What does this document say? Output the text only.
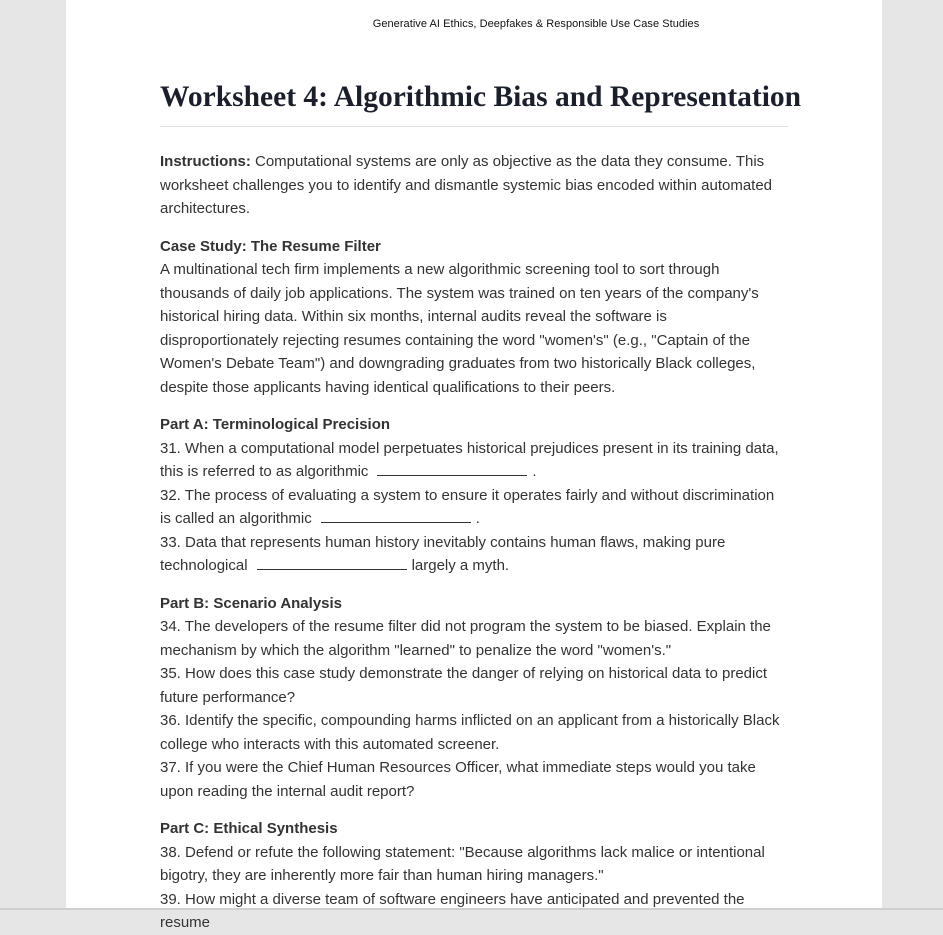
Generative AI Ethics, Deepfakes & Responsible Use Case Studies
Worksheet 4: Algorithmic Bias and Representation

Instructions: Computational systems are only as objective as the data they consume. This worksheet challenges you to identify and dismantle systemic bias encoded within automated architectures.

Case Study: The Resume Filter

A multinational tech firm implements a new algorithmic screening tool to sort through thousands of daily job applications. The system was trained on ten years of the company's historical hiring data. Within six months, internal audits reveal the software is disproportionately rejecting resumes containing the word "women's" (e.g., "Captain of the Women's Debate Team") and downgrading graduates from two historically Black colleges, despite those applicants having identical qualifications to their peers.

Part A: Terminological Precision

31. When a computational model perpetuates historical prejudices present in its training data, this is referred to as algorithmic	.

32. The process of evaluating a system to ensure it operates fairly and without discrimination is called an algorithmic	.

33. Data that represents human history inevitably contains human flaws, making pure technological	largely a myth.

Part B: Scenario Analysis

34. The developers of the resume filter did not program the system to be biased. Explain the mechanism by which the algorithm "learned" to penalize the word "women's."

35. How does this case study demonstrate the danger of relying on historical data to predict future performance?

36. Identify the specific, compounding harms inflicted on an applicant from a historically Black college who interacts with this automated screener.

37. If you were the Chief Human Resources Officer, what immediate steps would you take upon reading the internal audit report?

Part C: Ethical Synthesis

38. Defend or refute the following statement: "Because algorithms lack malice or intentional bigotry, they are inherently more fair than human hiring managers."

39. How might a diverse team of software engineers have anticipated and prevented the resume
